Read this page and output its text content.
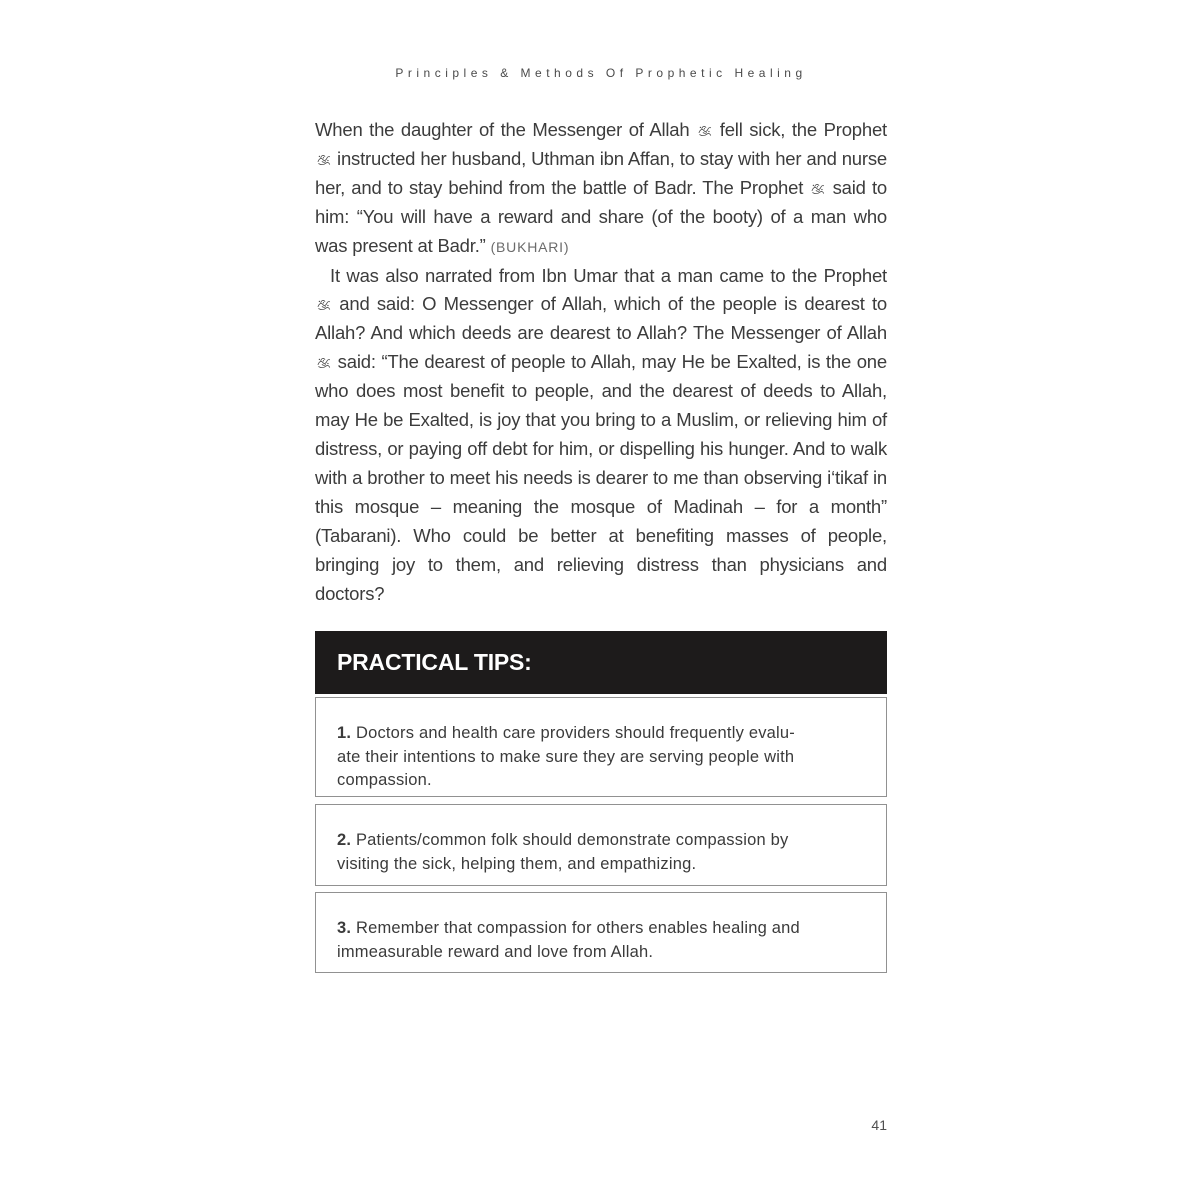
Principles & Methods Of Prophetic Healing

When the daughter of the Messenger of Allah  fell sick, the Prophet  instructed her husband, Uthman ibn Affan, to stay with her and nurse her, and to stay behind from the battle of Badr. The Prophet  said to him: “You will have a reward and share (of the booty) of a man who was present at Badr.” (BUKHARI)

It was also narrated from Ibn Umar that a man came to the Prophet  and said: O Messenger of Allah, which of the people is dearest to Allah? And which deeds are dearest to Allah? The Messenger of Allah  said: “The dearest of people to Allah, may He be Exalted, is the one who does most benefit to people, and the dearest of deeds to Allah, may He be Exalted, is joy that you bring to a Muslim, or relieving him of distress, or paying off debt for him, or dispelling his hunger. And to walk with a brother to meet his needs is dearer to me than observing i‘tikaf in this mosque – meaning the mosque of Madinah – for a month” (Tabarani). Who could be better at benefiting masses of people, bringing joy to them, and relieving distress than physicians and doctors?

PRACTICAL TIPS:
1. Doctors and health care providers should frequently evalu-
ate their intentions to make sure they are serving people with
compassion.
2. Patients/common folk should demonstrate compassion by
visiting the sick, helping them, and empathizing.
3. Remember that compassion for others enables healing and
immeasurable reward and love from Allah.
41
